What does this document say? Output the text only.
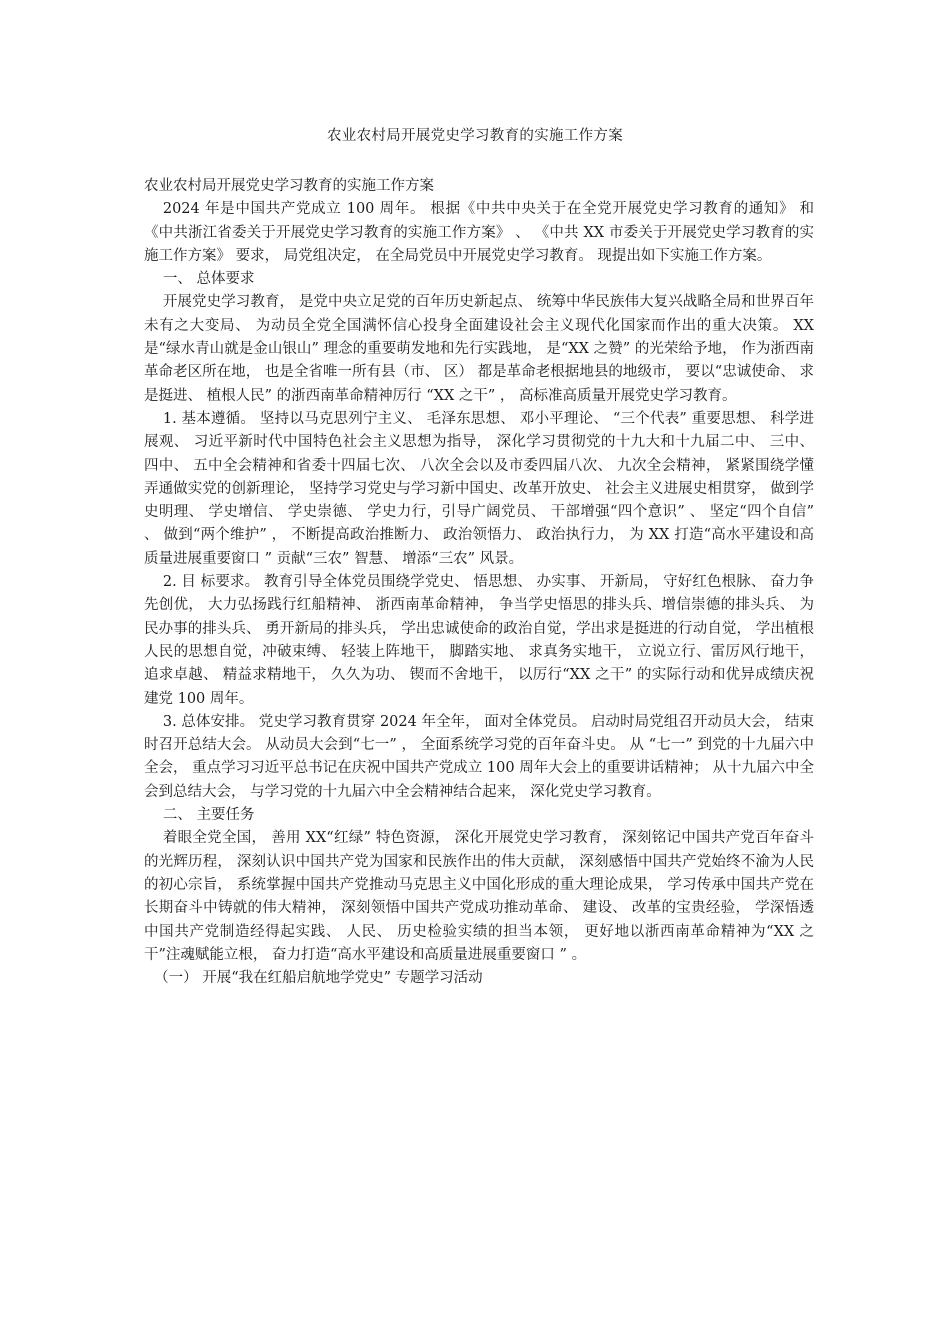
农业农村局开展党史学习教育的实施工作方案

农业农村局开展党史学习教育的实施工作方案

2024 年是中国共产党成立 100 周年。 根据《中共中央关于在全党开展党史学习教育的通知》 和《中共浙江省委关于开展党史学习教育的实施工作方案》 、 《中共 XX 市委关于开展党史学习教育的实施工作方案》 要求， 局党组决定， 在全局党员中开展党史学习教育。 现提出如下实施工作方案。

一、 总体要求

开展党史学习教育， 是党中央立足党的百年历史新起点、 统筹中华民族伟大复兴战略全局和世界百年未有之大变局、 为动员全党全国满怀信心投身全面建设社会主义现代化国家而作出的重大决策。 XX 是“绿水青山就是金山银山” 理念的重要萌发地和先行实践地， 是“XX 之赞” 的光荣给予地， 作为浙西南革命老区所在地， 也是全省唯一所有县（市、 区） 都是革命老根据地县的地级市， 要以“忠诚使命、 求是挺进、 植根人民” 的浙西南革命精神厉行 “XX 之干” ， 高标准高质量开展党史学习教育。

1. 基本遵循。 坚持以马克思列宁主义、 毛泽东思想、 邓小平理论、 “三个代表” 重要思想、 科学进展观、 习近平新时代中国特色社会主义思想为指导， 深化学习贯彻党的十九大和十九届二中、 三中、 四中、 五中全会精神和省委十四届七次、 八次全会以及市委四届八次、 九次全会精神， 紧紧围绕学懂弄通做实党的创新理论， 坚持学习党史与学习新中国史、改革开放史、 社会主义进展史相贯穿， 做到学史明理、 学史增信、 学史崇德、 学史力行，引导广阔党员、 干部增强“四个意识” 、 坚定“四个自信” 、 做到“两个维护” ， 不断提高政治推断力、 政治领悟力、 政治执行力， 为 XX 打造“高水平建设和高质量进展重要窗口 ” 贡献“三农” 智慧、 增添“三农” 风景。

2. 目 标要求。 教育引导全体党员围绕学党史、 悟思想、 办实事、 开新局， 守好红色根脉、 奋力争先创优， 大力弘扬践行红船精神、 浙西南革命精神， 争当学史悟思的排头兵、增信崇德的排头兵、 为民办事的排头兵、 勇开新局的排头兵， 学出忠诚使命的政治自觉，学出求是挺进的行动自觉， 学出植根人民的思想自觉，冲破束缚、 轻装上阵地干， 脚踏实地、 求真务实地干， 立说立行、雷厉风行地干， 追求卓越、 精益求精地干， 久久为功、 锲而不舍地干， 以厉行“XX 之干” 的实际行动和优异成绩庆祝建党 100 周年。

3. 总体安排。 党史学习教育贯穿 2024 年全年， 面对全体党员。 启动时局党组召开动员大会， 结束时召开总结大会。 从动员大会到“七一” ， 全面系统学习党的百年奋斗史。 从 “七一” 到党的十九届六中全会， 重点学习习近平总书记在庆祝中国共产党成立 100 周年大会上的重要讲话精神； 从十九届六中全会到总结大会， 与学习党的十九届六中全会精神结合起来， 深化党史学习教育。

二、 主要任务

着眼全党全国， 善用 XX“红绿” 特色资源， 深化开展党史学习教育， 深刻铭记中国共产党百年奋斗的光辉历程， 深刻认识中国共产党为国家和民族作出的伟大贡献， 深刻感悟中国共产党始终不渝为人民的初心宗旨， 系统掌握中国共产党推动马克思主义中国化形成的重大理论成果， 学习传承中国共产党在长期奋斗中铸就的伟大精神， 深刻领悟中国共产党成功推动革命、 建设、 改革的宝贵经验， 学深悟透中国共产党制造经得起实践、 人民、 历史检验实绩的担当本领， 更好地以浙西南革命精神为“XX 之干”注魂赋能立根， 奋力打造“高水平建设和高质量进展重要窗口 ” 。

（一） 开展“我在红船启航地学党史” 专题学习活动
